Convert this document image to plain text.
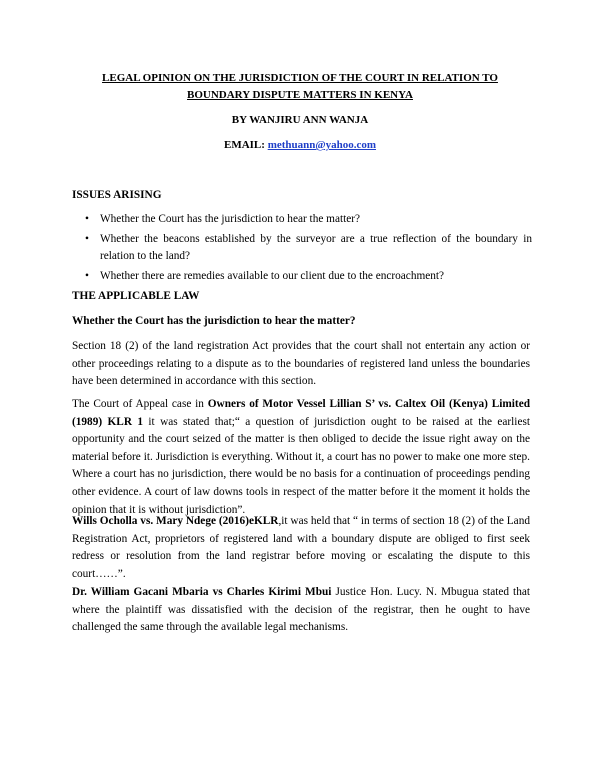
LEGAL OPINION ON THE JURISDICTION OF THE COURT IN RELATION TO
BOUNDARY DISPUTE MATTERS IN KENYA
BY WANJIRU ANN WANJA
EMAIL: methuann@yahoo.com
ISSUES ARISING
• Whether the Court has the jurisdiction to hear the matter?
• Whether the beacons established by the surveyor are a true reflection of the boundary in relation to the land?
• Whether there are remedies available to our client due to the encroachment?
THE APPLICABLE LAW
Whether the Court has the jurisdiction to hear the matter?

Section 18 (2) of the land registration Act provides that the court shall not entertain any action or other proceedings relating to a dispute as to the boundaries of registered land unless the boundaries have been determined in accordance with this section.

The Court of Appeal case in Owners of Motor Vessel Lillian S’ vs. Caltex Oil (Kenya) Limited (1989) KLR 1 it was stated that;“ a question of jurisdiction ought to be raised at the earliest opportunity and the court seized of the matter is then obliged to decide the issue right away on the material before it. Jurisdiction is everything. Without it, a court has no power to make one more step. Where a court has no jurisdiction, there would be no basis for a continuation of proceedings pending other evidence. A court of law downs tools in respect of the matter before it the moment it holds the opinion that it is without jurisdiction”.

Wills Ocholla vs. Mary Ndege (2016)eKLR,it was held that “ in terms of section 18 (2) of the Land Registration Act, proprietors of registered land with a boundary dispute are obliged to first seek redress or resolution from the land registrar before moving or escalating the dispute to this court……”.

Dr. William Gacani Mbaria vs Charles Kirimi Mbui Justice Hon. Lucy. N. Mbugua stated that where the plaintiff was dissatisfied with the decision of the registrar, then he ought to have challenged the same through the available legal mechanisms.
